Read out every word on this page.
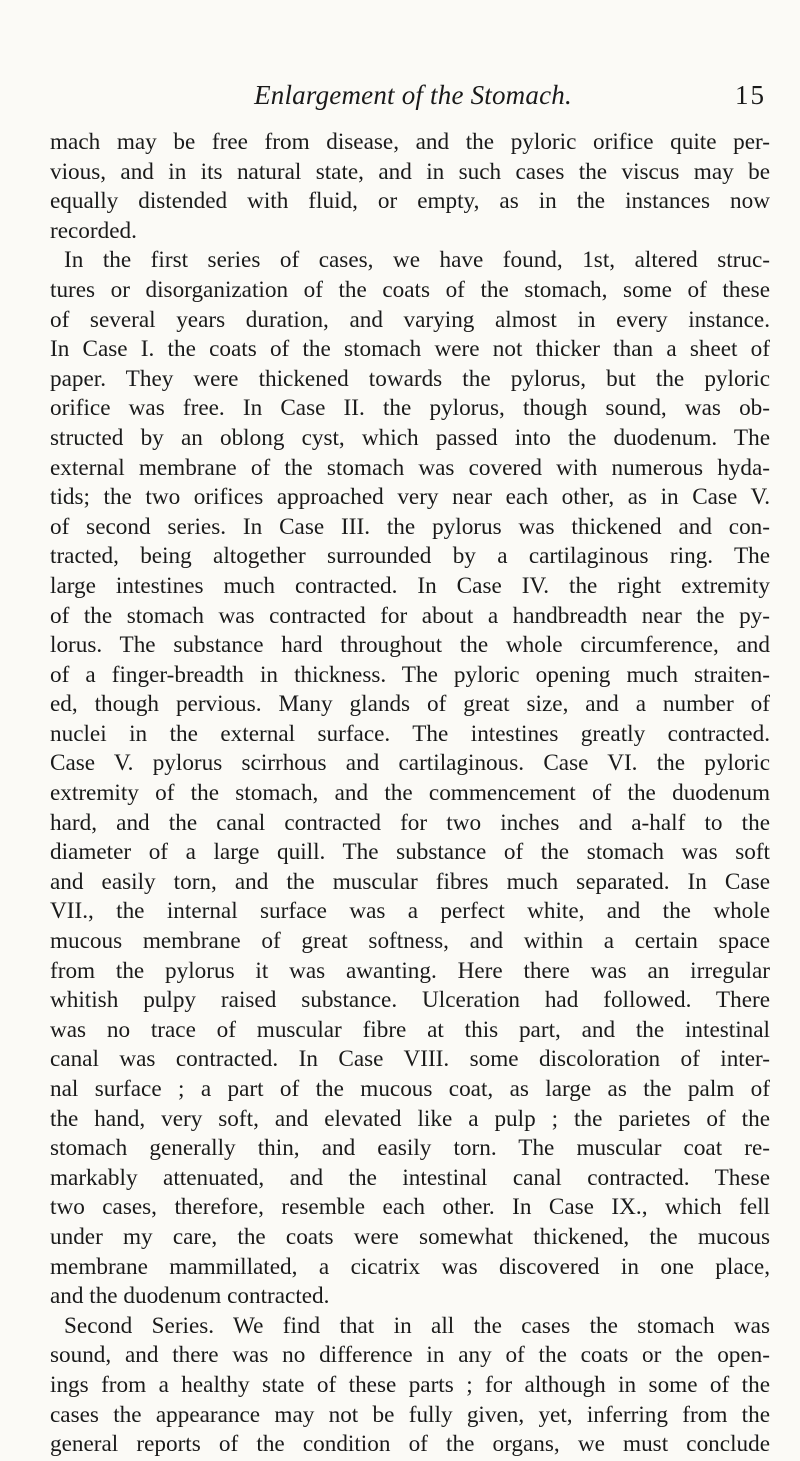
Enlargement of the Stomach.	15
mach may be free from disease, and the pyloric orifice quite per-
vious, and in its natural state, and in such cases the viscus may be
equally distended with fluid, or empty, as in the instances now
recorded.
In the first series of cases, we have found, 1st, altered struc-
tures or disorganization of the coats of the stomach, some of these
of several years duration, and varying almost in every instance.
In Case I. the coats of the stomach were not thicker than a sheet of
paper. They were thickened towards the pylorus, but the pyloric
orifice was free. In Case II. the pylorus, though sound, was ob-
structed by an oblong cyst, which passed into the duodenum. The
external membrane of the stomach was covered with numerous hyda-
tids; the two orifices approached very near each other, as in Case V.
of second series. In Case III. the pylorus was thickened and con-
tracted, being altogether surrounded by a cartilaginous ring. The
large intestines much contracted. In Case IV. the right extremity
of the stomach was contracted for about a handbreadth near the py-
lorus. The substance hard throughout the whole circumference, and
of a finger-breadth in thickness. The pyloric opening much straiten-
ed, though pervious. Many glands of great size, and a number of
nuclei in the external surface. The intestines greatly contracted.
Case V. pylorus scirrhous and cartilaginous. Case VI. the pyloric
extremity of the stomach, and the commencement of the duodenum
hard, and the canal contracted for two inches and a-half to the
diameter of a large quill. The substance of the stomach was soft
and easily torn, and the muscular fibres much separated. In Case
VII., the internal surface was a perfect white, and the whole
mucous membrane of great softness, and within a certain space
from the pylorus it was awanting. Here there was an irregular
whitish pulpy raised substance. Ulceration had followed. There
was no trace of muscular fibre at this part, and the intestinal
canal was contracted. In Case VIII. some discoloration of inter-
nal surface ; a part of the mucous coat, as large as the palm of
the hand, very soft, and elevated like a pulp ; the parietes of the
stomach generally thin, and easily torn. The muscular coat re-
markably attenuated, and the intestinal canal contracted. These
two cases, therefore, resemble each other. In Case IX., which fell
under my care, the coats were somewhat thickened, the mucous
membrane mammillated, a cicatrix was discovered in one place,
and the duodenum contracted.
Second Series. We find that in all the cases the stomach was
sound, and there was no difference in any of the coats or the open-
ings from a healthy state of these parts ; for although in some of the
cases the appearance may not be fully given, yet, inferring from the
general reports of the condition of the organs, we must conclude
